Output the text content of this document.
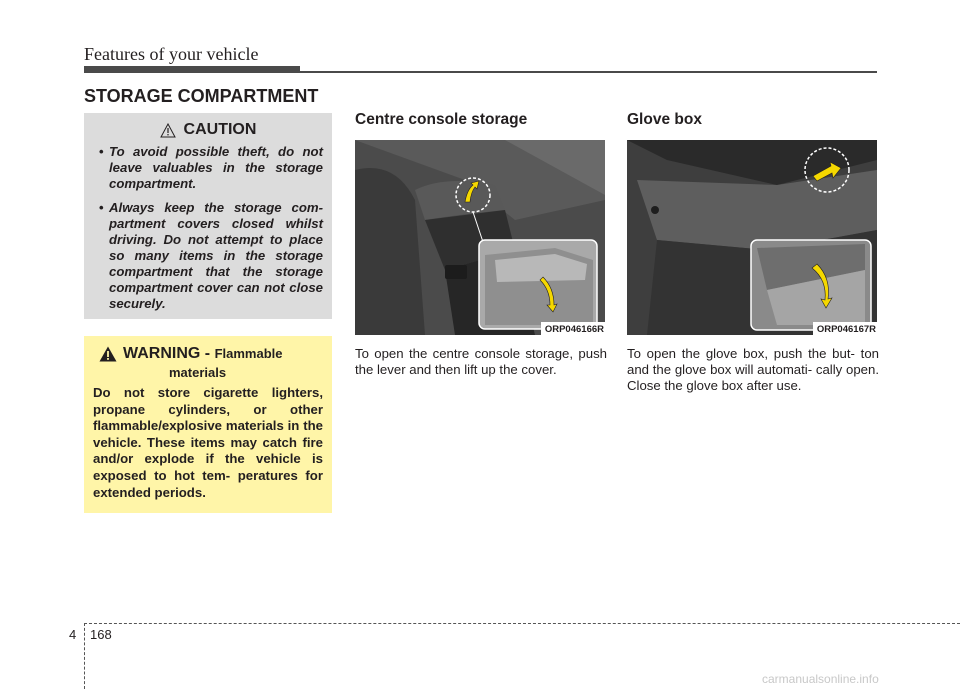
Features of your vehicle
STORAGE COMPARTMENT
CAUTION
• To avoid possible theft, do not leave valuables in the storage compartment.
• Always keep the storage com- partment covers closed whilst driving. Do not attempt to place so many items in the storage compartment that the storage compartment cover can not close securely.
WARNING - Flammable
materials
Do not store cigarette lighters, propane cylinders, or other flammable/explosive materials in the vehicle. These items may catch fire and/or explode if the vehicle is exposed to hot tem- peratures for extended periods.
Centre console storage
ORP046166R
To open the centre console storage, push the lever and then lift up the cover.
Glove box
ORP046167R
To open the glove box, push the but- ton and the glove box will automati- cally open. Close the glove box after use.
4 168
carmanualsonline.info
